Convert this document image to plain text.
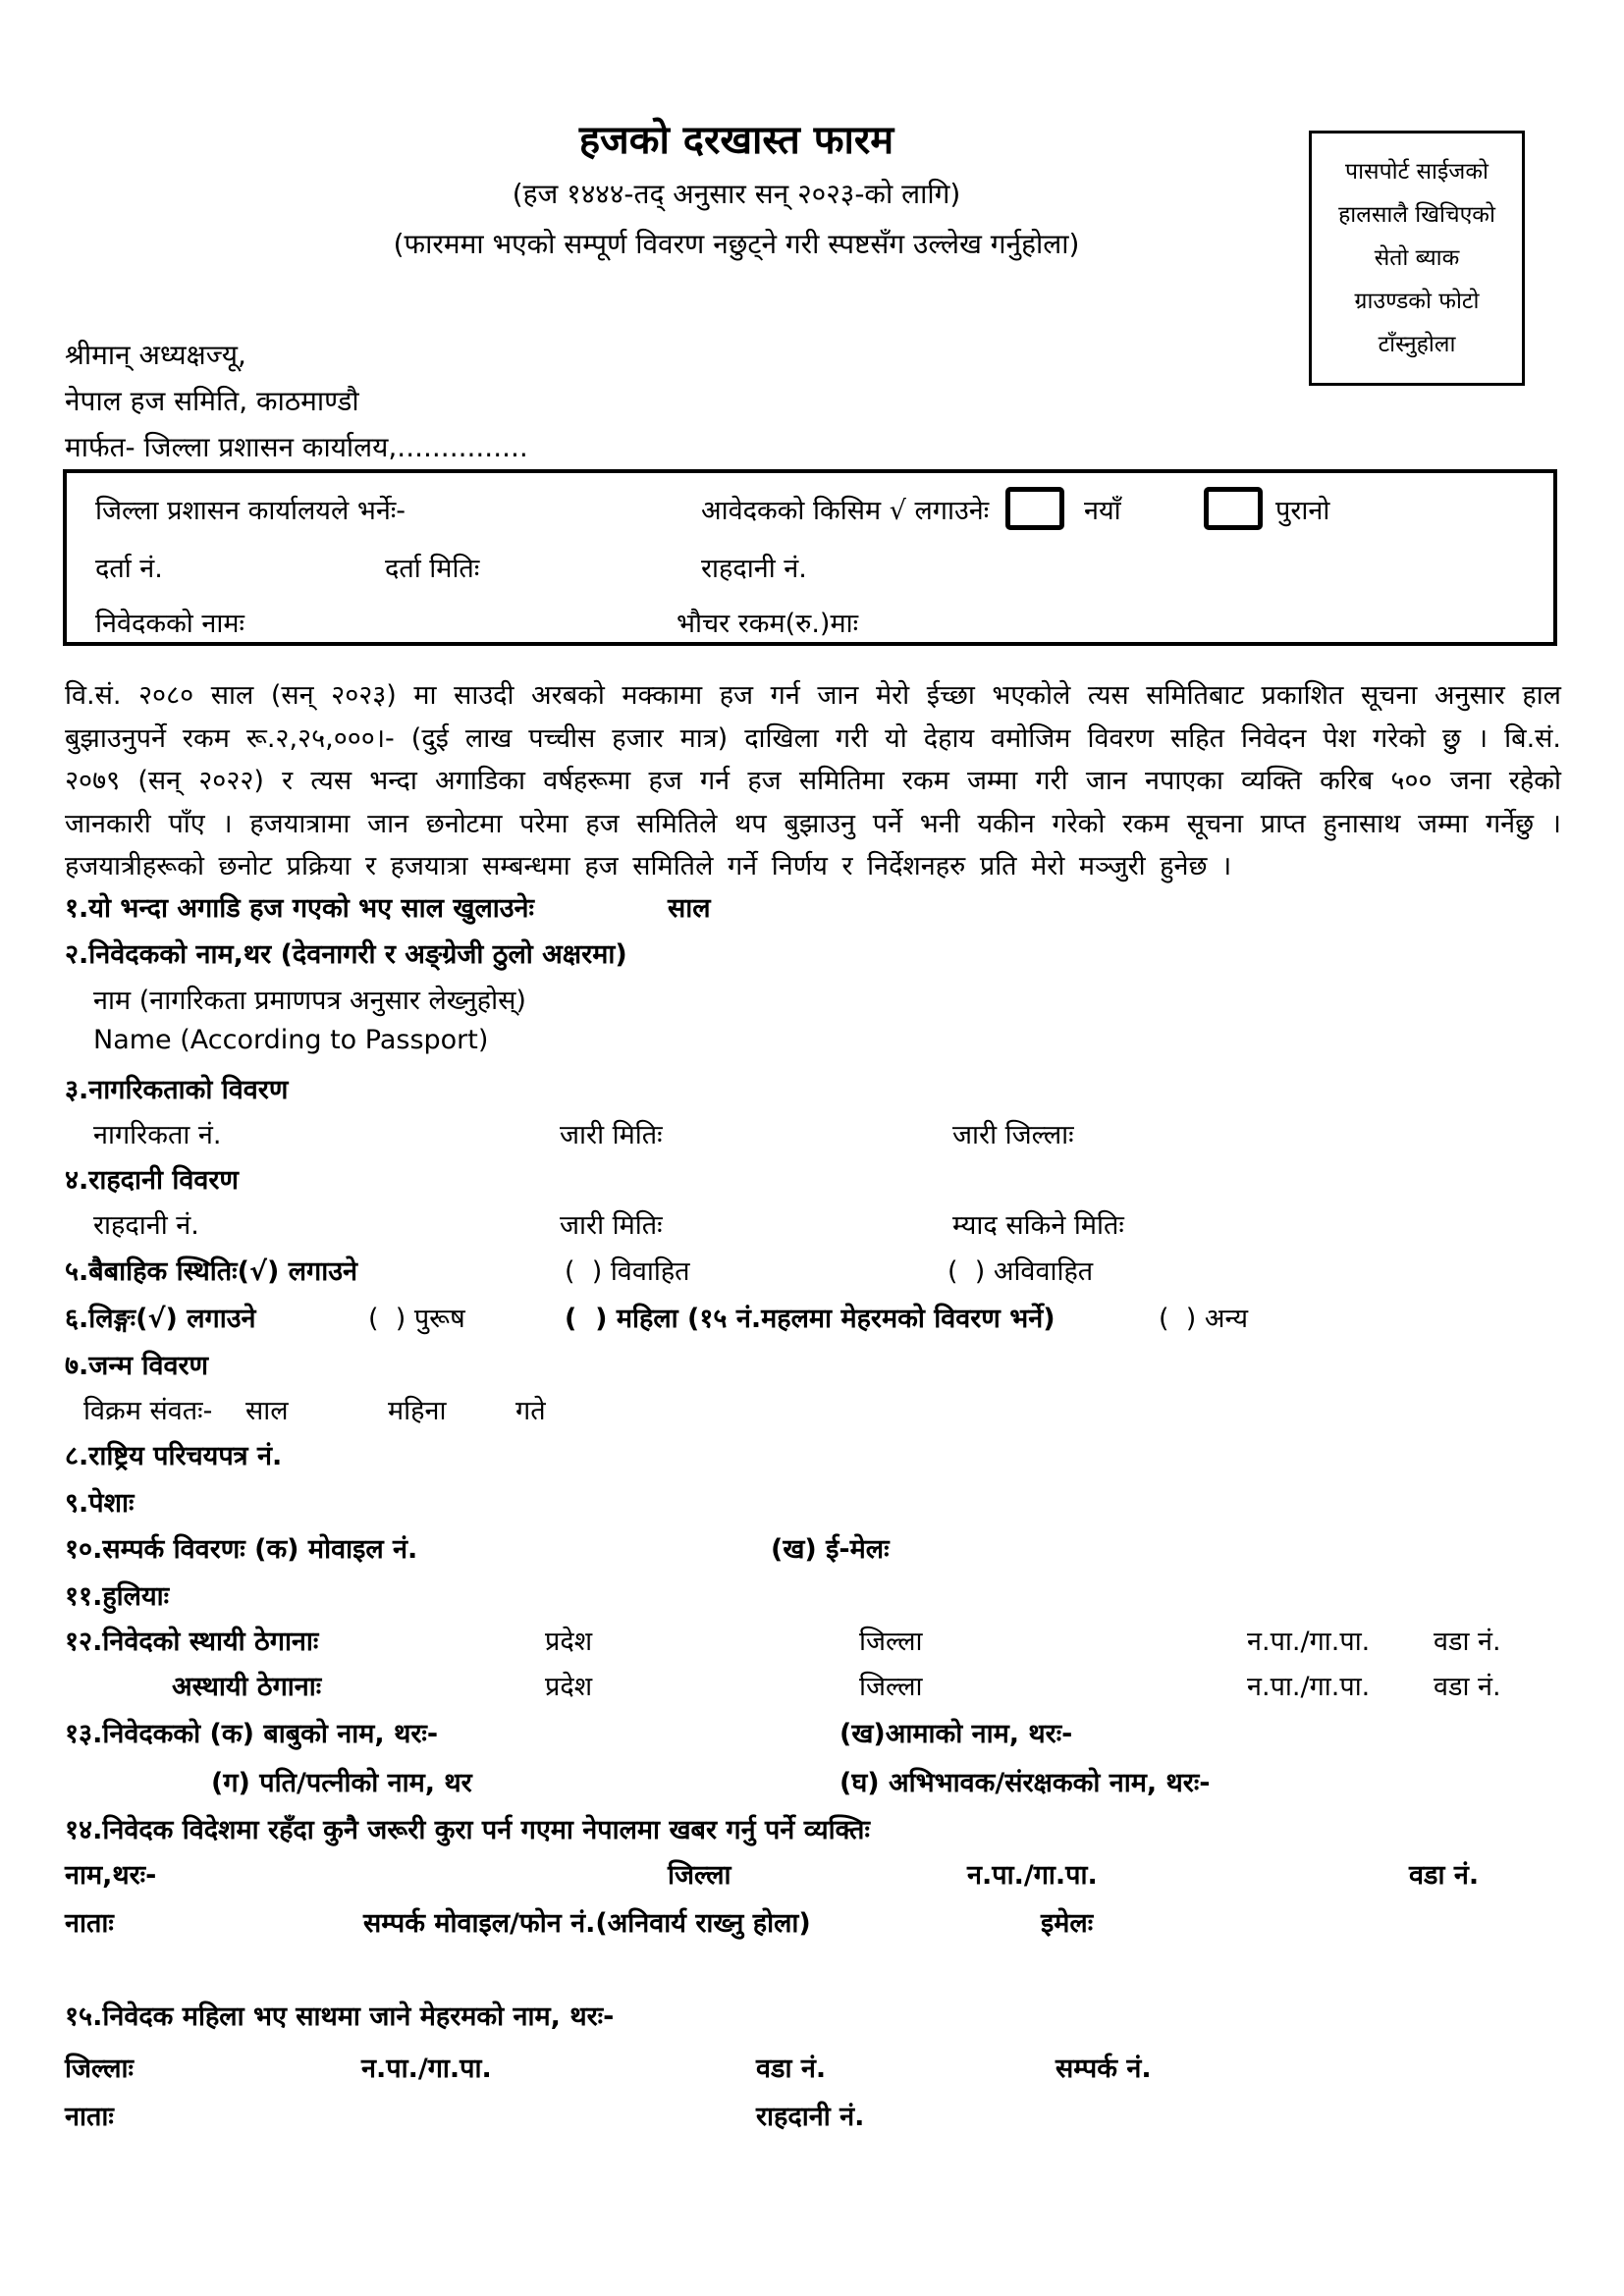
हजको दरखास्त फारम
(हज १४४४-तद् अनुसार सन् २०२३-को लागि)
(फारममा भएको सम्पूर्ण विवरण नछुट्ने गरी स्पष्टसँग उल्लेख गर्नुहोला)
पासपोर्ट साईजको
हालसालै खिचिएको
सेतो ब्याक
ग्राउण्डको फोटो
टाँस्नुहोला
श्रीमान् अध्यक्षज्यू,
नेपाल हज समिति, काठमाण्डौ
मार्फत- जिल्ला प्रशासन कार्यालय,...............
जिल्ला प्रशासन कार्यालयले भर्नेः-	आवेदकको किसिम √ लगाउनेः	नयाँ	पुरानो
दर्ता नं.	दर्ता मितिः	राहदानी नं.
निवेदकको नामः	भौचर रकम(रु.)माः

वि.सं. २०८० साल (सन् २०२३) मा साउदी अरबको मक्कामा हज गर्न जान मेरो ईच्छा भएकोले त्यस समितिबाट प्रकाशित सूचना अनुसार हाल बुझाउनुपर्ने रकम रू.२,२५,०००।- (दुई लाख पच्चीस हजार मात्र) दाखिला गरी यो देहाय वमोजिम विवरण सहित निवेदन पेश गरेको छु । बि.सं. २०७९ (सन् २०२२) र त्यस भन्दा अगाडिका वर्षहरूमा हज गर्न हज समितिमा रकम जम्मा गरी जान नपाएका व्यक्ति करिब ५०० जना रहेको जानकारी पाँए । हजयात्रामा जान छनोटमा परेमा हज समितिले थप बुझाउनु पर्ने भनी यकीन गरेको रकम सूचना प्राप्त हुनासाथ जम्मा गर्नेछु । हजयात्रीहरूको छनोट प्रक्रिया र हजयात्रा सम्बन्धमा हज समितिले गर्ने निर्णय र निर्देशनहरु प्रति मेरो मञ्जुरी हुनेछ ।

१.यो भन्दा अगाडि हज गएको भए साल खुलाउनेः	साल
२.निवेदकको नाम,थर (देवनागरी र अङ्ग्रेजी ठुलो अक्षरमा)
नाम (नागरिकता प्रमाणपत्र अनुसार लेख्नुहोस्)
Name (According to Passport)
३.नागरिकताको विवरण
नागरिकता नं.	जारी मितिः	जारी जिल्लाः
४.राहदानी विवरण
राहदानी नं.	जारी मितिः	म्याद सकिने मितिः
५.बैबाहिक स्थितिः(√) लगाउने	(  ) विवाहित	(  ) अविवाहित
६.लिङ्गः(√) लगाउने	(  ) पुरूष	(  ) महिला (१५ नं.महलमा मेहरमको विवरण भर्ने)	(  ) अन्य
७.जन्म विवरण
विक्रम संवतः- साल	महिना	गते
८.राष्ट्रिय परिचयपत्र नं.
९.पेशाः
१०.सम्पर्क विवरणः (क) मोवाइल नं.	(ख) ई-मेलः
११.हुलियाः
१२.निवेदको स्थायी ठेगानाः	प्रदेश	जिल्ला	न.पा./गा.पा. वडा नं.
अस्थायी ठेगानाः	प्रदेश	जिल्ला	न.पा./गा.पा. वडा नं.
१३.निवेदकको (क) बाबुको नाम, थरः-	(ख)आमाको नाम, थरः-
(ग) पति/पत्नीको नाम, थर	(घ) अभिभावक/संरक्षकको नाम, थरः-
१४.निवेदक विदेशमा रहँदा कुनै जरूरी कुरा पर्न गएमा नेपालमा खबर गर्नु पर्ने व्यक्तिः
नाम,थरः-	जिल्ला	न.पा./गा.पा.	वडा नं.
नाताः	सम्पर्क मोवाइल/फोन नं.(अनिवार्य राख्नु होला)	इमेलः
१५.निवेदक महिला भए साथमा जाने मेहरमको नाम, थरः-
जिल्लाः	न.पा./गा.पा.	वडा नं.	सम्पर्क नं.
नाताः	राहदानी नं.
